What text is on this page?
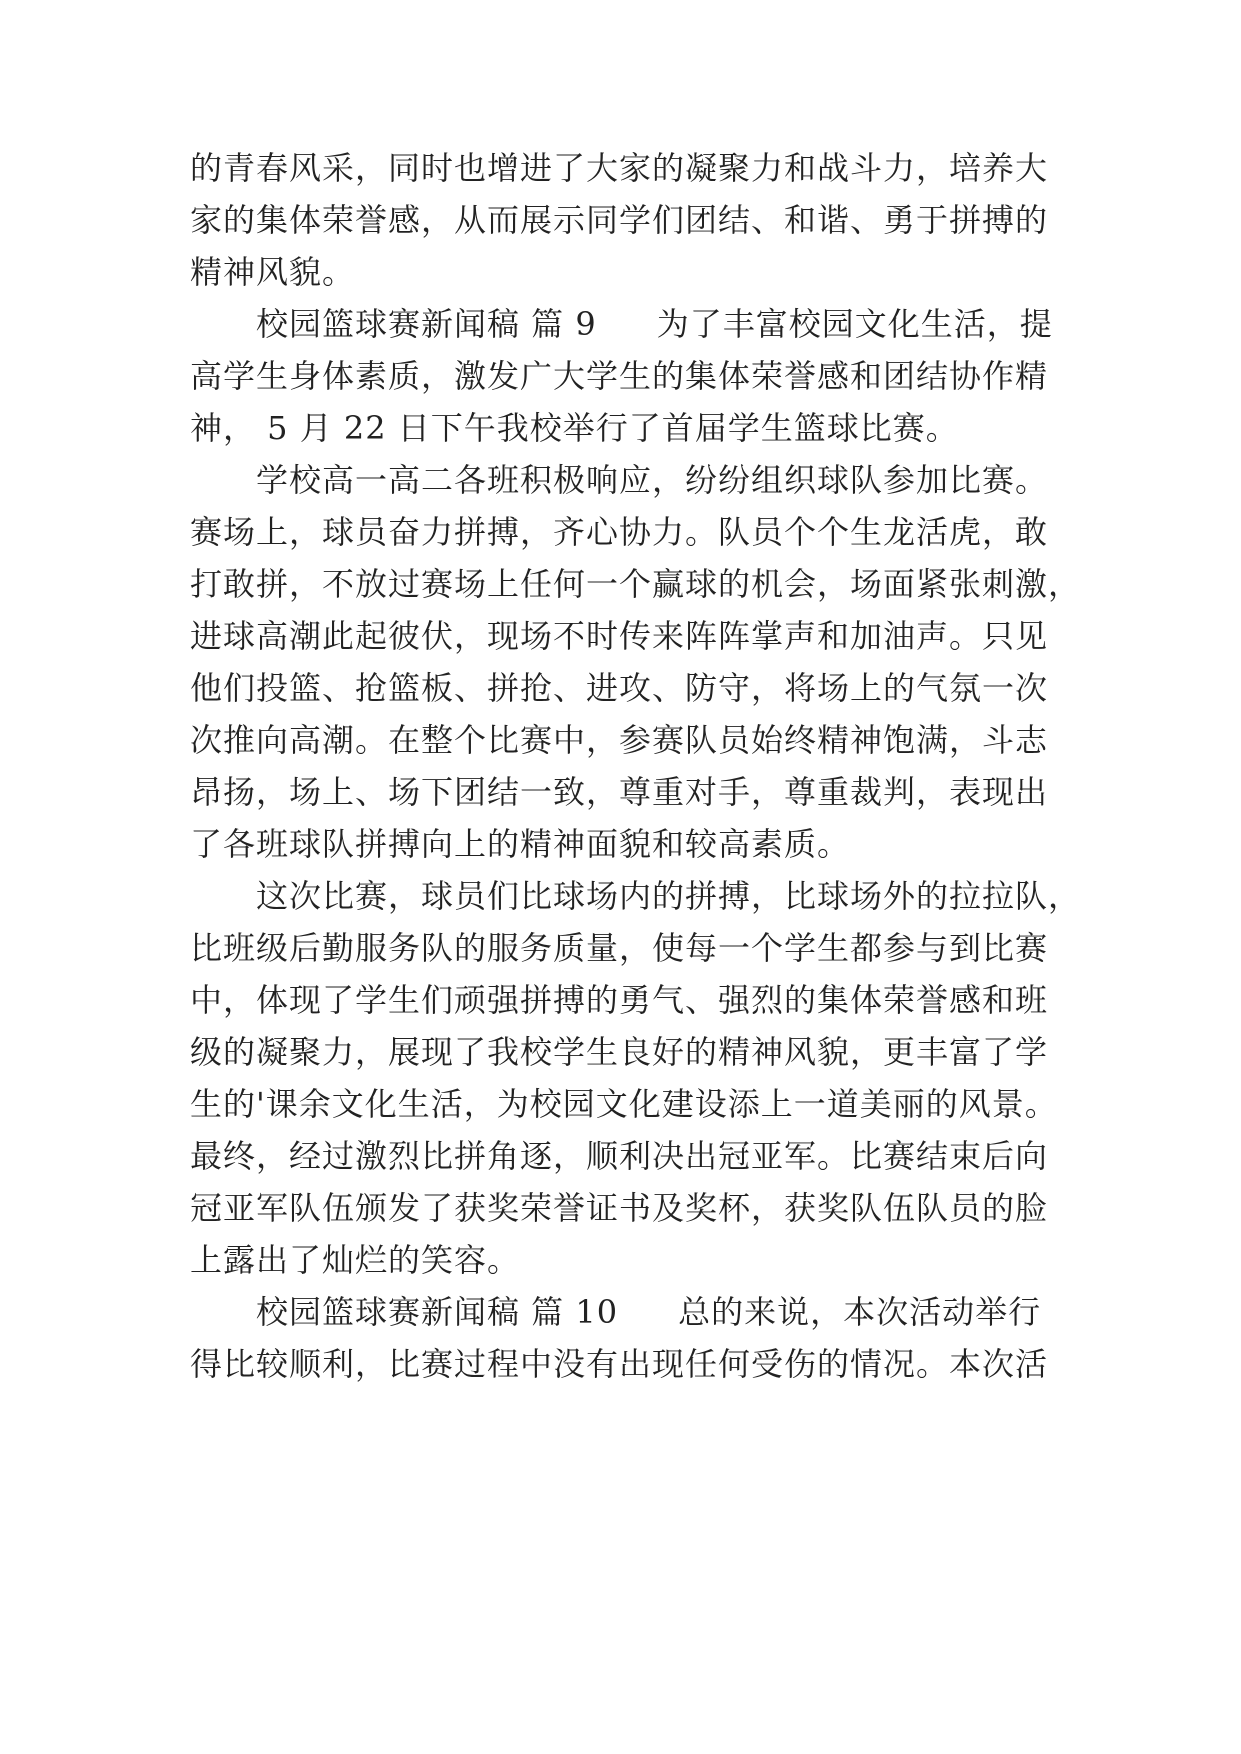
的青春风采，同时也增进了大家的凝聚力和战斗力，培养大
家的集体荣誉感，从而展示同学们团结、和谐、勇于拼搏的
精神风貌。
校园篮球赛新闻稿 篇 9 为了丰富校园文化生活，提
高学生身体素质，激发广大学生的集体荣誉感和团结协作精
神， 5 月 22 日下午我校举行了首届学生篮球比赛。
学校高一高二各班积极响应，纷纷组织球队参加比赛。
赛场上，球员奋力拼搏，齐心协力。队员个个生龙活虎，敢
打敢拼，不放过赛场上任何一个赢球的机会，场面紧张刺激，
进球高潮此起彼伏，现场不时传来阵阵掌声和加油声。只见
他们投篮、抢篮板、拼抢、进攻、防守，将场上的气氛一次
次推向高潮。在整个比赛中，参赛队员始终精神饱满，斗志
昂扬，场上、场下团结一致，尊重对手，尊重裁判，表现出
了各班球队拼搏向上的精神面貌和较高素质。
这次比赛，球员们比球场内的拼搏，比球场外的拉拉队，
比班级后勤服务队的服务质量，使每一个学生都参与到比赛
中，体现了学生们顽强拼搏的勇气、强烈的集体荣誉感和班
级的凝聚力，展现了我校学生良好的精神风貌，更丰富了学
生的'课余文化生活，为校园文化建设添上一道美丽的风景。
最终，经过激烈比拼角逐，顺利决出冠亚军。比赛结束后向
冠亚军队伍颁发了获奖荣誉证书及奖杯，获奖队伍队员的脸
上露出了灿烂的笑容。
校园篮球赛新闻稿 篇 10 总的来说，本次活动举行
得比较顺利，比赛过程中没有出现任何受伤的情况。本次活
